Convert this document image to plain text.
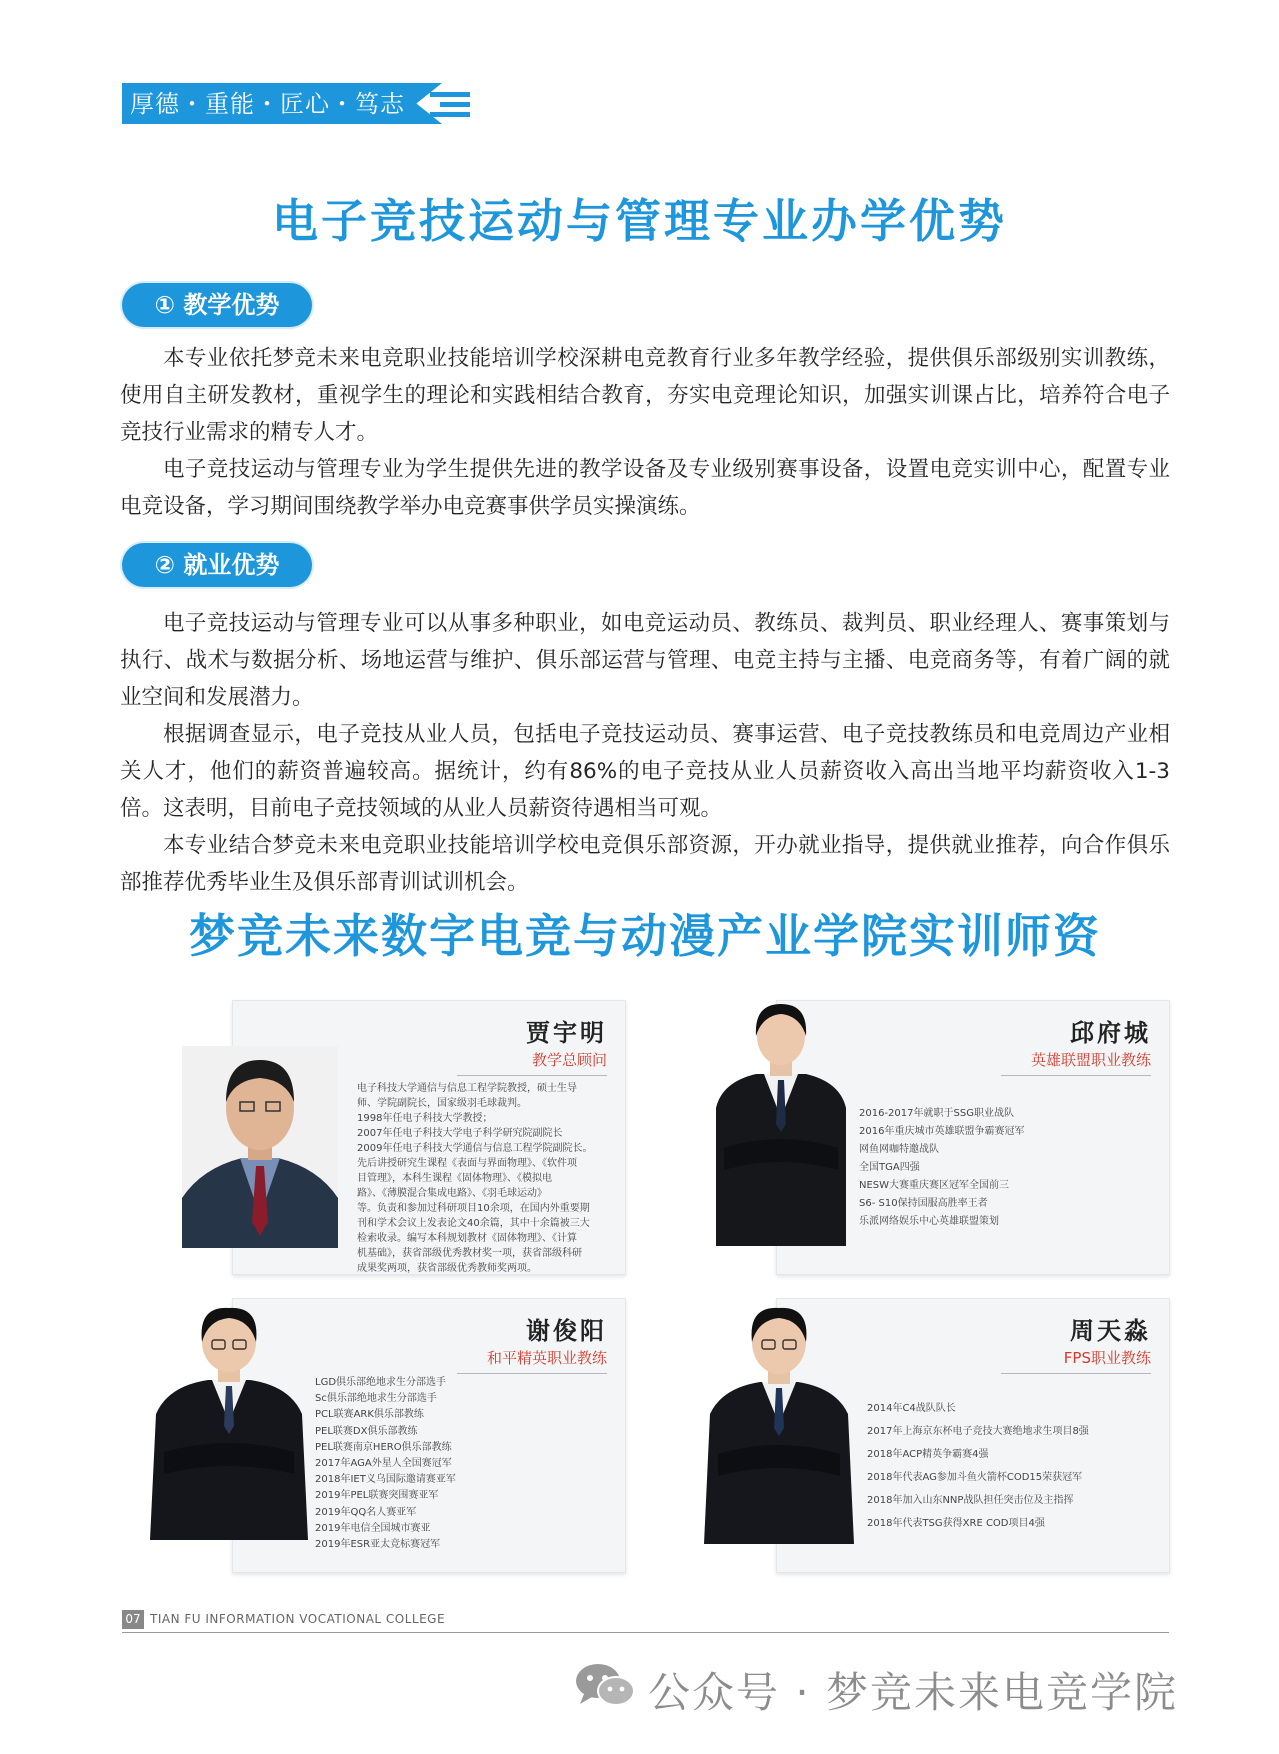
厚德・重能・匠心・笃志
电子竞技运动与管理专业办学优势
① 教学优势

本专业依托梦竞未来电竞职业技能培训学校深耕电竞教育行业多年教学经验，提供俱乐部级别实训教练，使用自主研发教材，重视学生的理论和实践相结合教育，夯实电竞理论知识，加强实训课占比，培养符合电子竞技行业需求的精专人才。

电子竞技运动与管理专业为学生提供先进的教学设备及专业级别赛事设备，设置电竞实训中心，配置专业电竞设备，学习期间围绕教学举办电竞赛事供学员实操演练。

② 就业优势

电子竞技运动与管理专业可以从事多种职业，如电竞运动员、教练员、裁判员、职业经理人、赛事策划与执行、战术与数据分析、场地运营与维护、俱乐部运营与管理、电竞主持与主播、电竞商务等，有着广阔的就业空间和发展潜力。

根据调查显示，电子竞技从业人员，包括电子竞技运动员、赛事运营、电子竞技教练员和电竞周边产业相关人才，他们的薪资普遍较高。据统计，约有86%的电子竞技从业人员薪资收入高出当地平均薪资收入1-3倍。这表明，目前电子竞技领域的从业人员薪资待遇相当可观。

本专业结合梦竞未来电竞职业技能培训学校电竞俱乐部资源，开办就业指导，提供就业推荐，向合作俱乐部推荐优秀毕业生及俱乐部青训试训机会。

梦竞未来数字电竞与动漫产业学院实训师资
贾宇明
教学总顾问
电子科技大学通信与信息工程学院教授，硕士生导
师、学院副院长，国家级羽毛球裁判。
1998年任电子科技大学教授；
2007年任电子科技大学电子科学研究院副院长
2009年任电子科技大学通信与信息工程学院副院长。
先后讲授研究生课程《表面与界面物理》、《软件项
目管理》，本科生课程《固体物理》、《模拟电
路》、《薄膜混合集成电路》、《羽毛球运动》
等。负责和参加过科研项目10余项，在国内外重要期
刊和学术会议上发表论文40余篇，其中十余篇被三大
检索收录。编写本科规划教材《固体物理》、《计算
机基础》，获省部级优秀教材奖一项，获省部级科研
成果奖两项，获省部级优秀教师奖两项。
邱府城
英雄联盟职业教练
2016-2017年就职于SSG职业战队
2016年重庆城市英雄联盟争霸赛冠军
网鱼网咖特邀战队
全国TGA四强
NESW大赛重庆赛区冠军全国前三
S6- S10保持国服高胜率王者
乐派网络娱乐中心英雄联盟策划
谢俊阳
和平精英职业教练
LGD俱乐部绝地求生分部选手
Sc俱乐部绝地求生分部选手
PCL联赛ARK俱乐部教练
PEL联赛DX俱乐部教练
PEL联赛南京HERO俱乐部教练
2017年AGA外星人全国赛冠军
2018年IET义乌国际邀请赛亚军
2019年PEL联赛突围赛亚军
2019年QQ名人赛亚军
2019年电信全国城市赛亚
2019年ESR亚太竞标赛冠军
周天淼
FPS职业教练
2014年C4战队队长
2017年上海京东杯电子竞技大赛绝地求生项目8强
2018年ACP精英争霸赛4强
2018年代表AG参加斗鱼火箭杯COD15荣获冠军
2018年加入山东NNP战队担任突击位及主指挥
2018年代表TSG获得XRE COD项目4强
07 TIAN FU INFORMATION VOCATIONAL COLLEGE
公众号 · 梦竞未来电竞学院
